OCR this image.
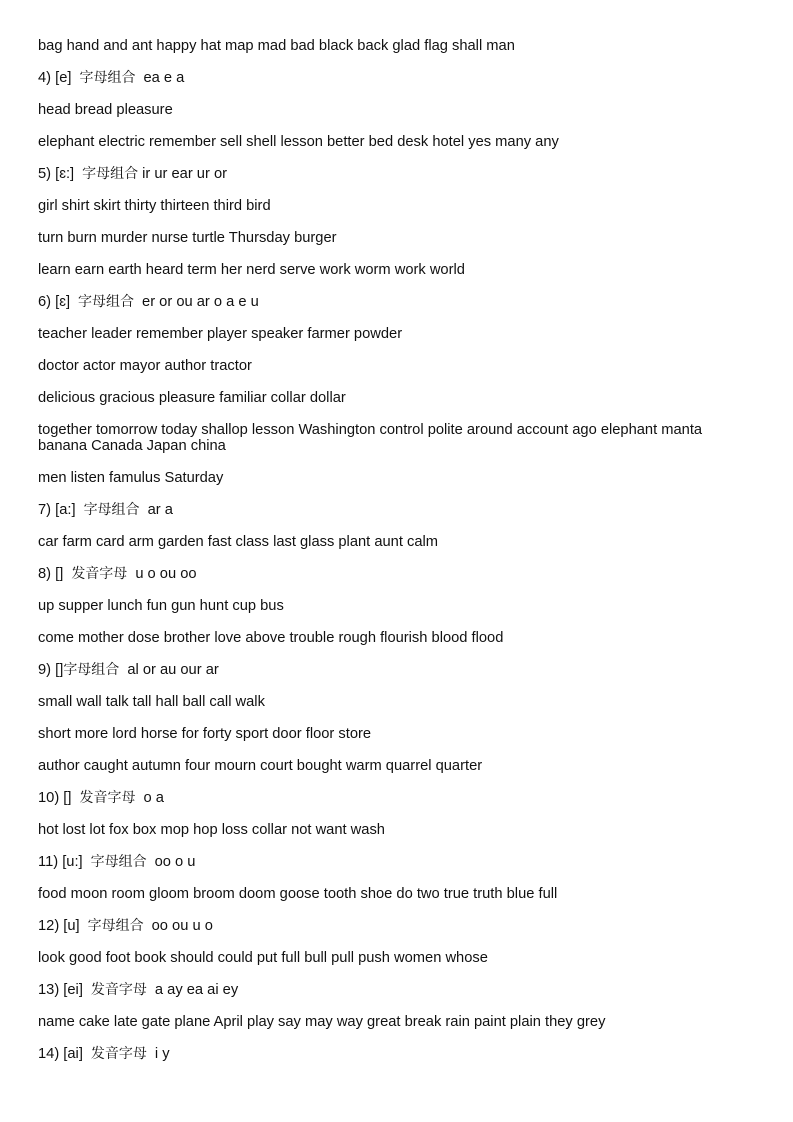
bag hand and ant happy hat map mad bad black back glad flag shall man
4) [e] 字母组合 ea e a
head bread pleasure
elephant electric remember sell shell lesson better bed desk hotel yes many any
5) [ɛ:] 字母组合 ir ur ear ur or
girl shirt skirt thirty thirteen third bird
turn burn murder nurse turtle Thursday burger
learn earn earth heard term her nerd serve work worm work world
6) [ɛ] 字母组合 er or ou ar o a e u
teacher leader remember player speaker farmer powder
doctor actor mayor author tractor
delicious gracious pleasure familiar collar dollar
together tomorrow today shallop lesson Washington control polite around account ago elephant manta banana Canada Japan china
men listen famulus Saturday
7) [a:] 字母组合 ar a
car farm card arm garden fast class last glass plant aunt calm
8) [] 发音字母 u o ou oo
up supper lunch fun gun hunt cup bus
come mother dose brother love above trouble rough flourish blood flood
9) []字母组合 al or au our ar
small wall talk tall hall ball call walk
short more lord horse for forty sport door floor store
author caught autumn four mourn court bought warm quarrel quarter
10) [] 发音字母 o a
hot lost lot fox box mop hop loss collar not want wash
11) [u:] 字母组合 oo o u
food moon room gloom broom doom goose tooth shoe do two true truth blue full
12) [u] 字母组合 oo ou u o
look good foot book should could put full bull pull push women whose
13) [ei] 发音字母 a ay ea ai ey
name cake late gate plane April play say may way great break rain paint plain they grey
14) [ai] 发音字母 i y
